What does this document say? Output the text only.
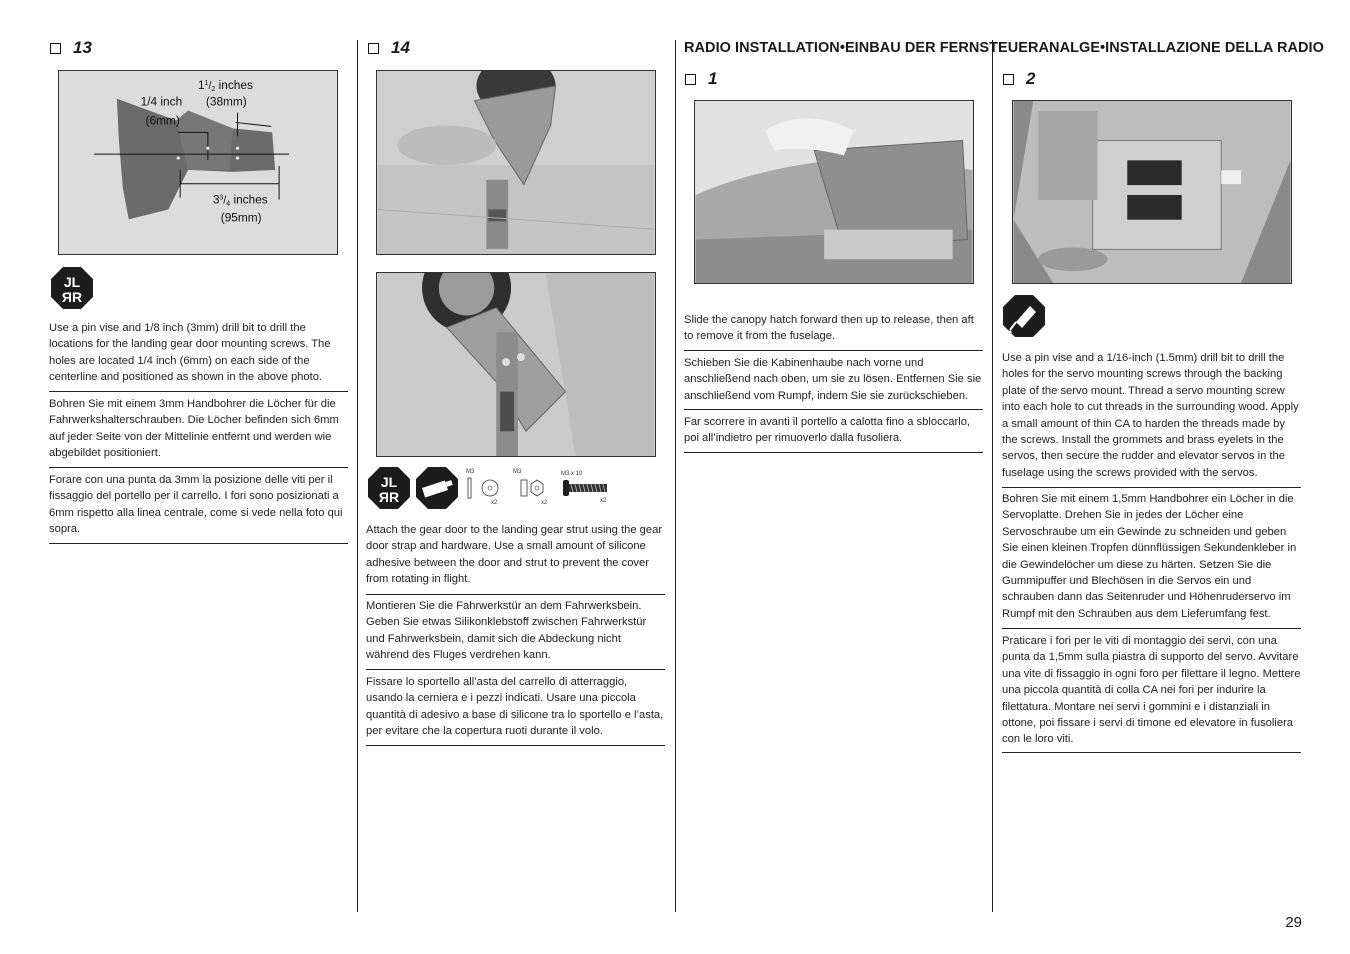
13
$1^1/2$ inches
(38mm)
1/4 inch
(6mm)
$3^3/4$ inches
(95mm)
JL
ЯR

Use a pin vise and 1/8 inch (3mm) drill bit to drill the locations for the landing gear door mounting screws. The holes are located 1/4 inch (6mm) on each side of the centerline and positioned as shown in the above photo.

Bohren Sie mit einem 3mm Handbohrer die Löcher für die Fahrwerkshalterschrauben. Die Löcher befinden sich 6mm auf jeder Seite von der Mittelinie entfernt und werden wie abgebildet positioniert.

Forare con una punta da 3mm la posizione delle viti per il fissaggio del portello per il carrello. I fori sono posizionati a 6mm rispetto alla linea centrale, come si vede nella foto qui sopra.

14
JL
ЯR
M3
x2
M3
x2
M3 x 10
x2

Attach the gear door to the landing gear strut using the gear door strap and hardware. Use a small amount of silicone adhesive between the door and strut to prevent the cover from rotating in flight.

Montieren Sie die Fahrwerkstür an dem Fahrwerksbein. Geben Sie etwas Silikonklebstoff zwischen Fahrwerkstür und Fahrwerksbein, damit sich die Abdeckung nicht während des Fluges verdrehen kann.

Fissare lo sportello all’asta del carrello di atterraggio, usando la cerniera e i pezzi indicati. Usare una piccola quantità di adesivo a base di silicone tra lo sportello e l’asta, per evitare che la copertura ruoti durante il volo.

RADIO INSTALLATION•EINBAU DER FERNSTEUERANALGE•INSTALLAZIONE DELLA RADIO
1

Slide the canopy hatch forward then up to release, then aft to remove it from the fuselage.

Schieben Sie die Kabinenhaube nach vorne und anschließend nach oben, um sie zu lösen. Entfernen Sie sie anschließend vom Rumpf, indem Sie sie zurückschieben.

Far scorrere in avanti il portello a calotta fino a sbloccarlo, poi all’indietro per rimuoverlo dalla fusoliera.

2

Use a pin vise and a 1/16-inch (1.5mm) drill bit to drill the holes for the servo mounting screws through the backing plate of the servo mount. Thread a servo mounting screw into each hole to cut threads in the surrounding wood. Apply a small amount of thin CA to harden the threads made by the screws. Install the grommets and brass eyelets in the servos, then secure the rudder and elevator servos in the fuselage using the screws provided with the servos.

Bohren Sie mit einem 1,5mm Handbohrer ein Löcher in die Servoplatte. Drehen Sie in jedes der Löcher eine Servoschraube um ein Gewinde zu schneiden und geben Sie einen kleinen Tropfen dünnflüssigen Sekundenkleber in die Gewindelöcher um diese zu härten. Setzen Sie die Gummipuffer und Blechösen in die Servos ein und schrauben dann das Seitenruder und Höhenruderservo im Rumpf mit den Schrauben aus dem Lieferumfang fest.

Praticare i fori per le viti di montaggio dei servi, con una punta da 1,5mm sulla piastra di supporto del servo. Avvitare una vite di fissaggio in ogni foro per filettare il legno. Mettere una piccola quantità di colla CA nei fori per indurire la filettatura. Montare nei servi i gommini e i distanziali in ottone, poi fissare i servi di timone ed elevatore in fusoliera con le loro viti.

29
